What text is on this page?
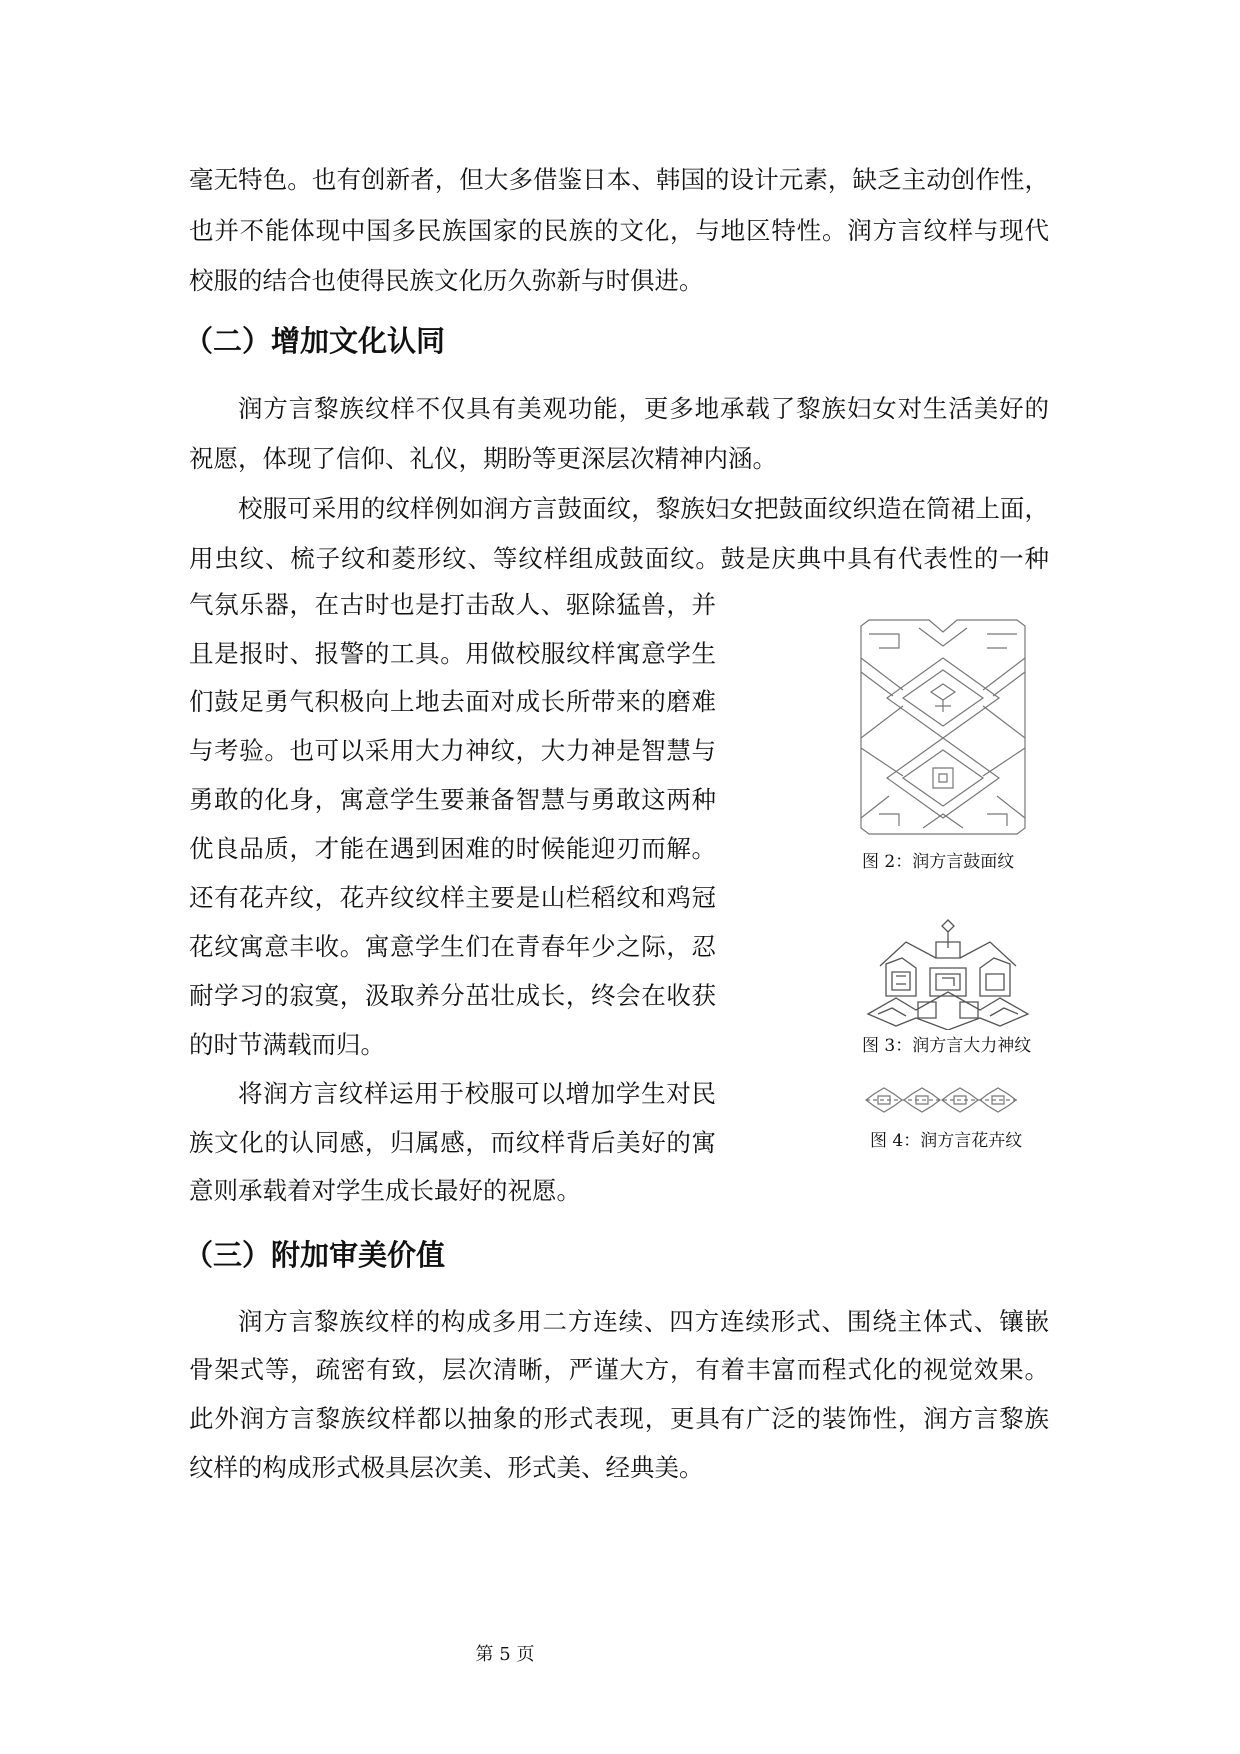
毫无特色。也有创新者，但大多借鉴日本、韩国的设计元素，缺乏主动创作性，
也并不能体现中国多民族国家的民族的文化，与地区特性。润方言纹样与现代
校服的结合也使得民族文化历久弥新与时俱进。
（二）增加文化认同
润方言黎族纹样不仅具有美观功能，更多地承载了黎族妇女对生活美好的
祝愿，体现了信仰、礼仪，期盼等更深层次精神内涵。
校服可采用的纹样例如润方言鼓面纹，黎族妇女把鼓面纹织造在筒裙上面，
用虫纹、梳子纹和菱形纹、等纹样组成鼓面纹。鼓是庆典中具有代表性的一种
气氛乐器，在古时也是打击敌人、驱除猛兽，并
且是报时、报警的工具。用做校服纹样寓意学生
们鼓足勇气积极向上地去面对成长所带来的磨难
与考验。也可以采用大力神纹，大力神是智慧与
勇敢的化身，寓意学生要兼备智慧与勇敢这两种
优良品质，才能在遇到困难的时候能迎刃而解。
还有花卉纹，花卉纹纹样主要是山栏稻纹和鸡冠
花纹寓意丰收。寓意学生们在青春年少之际，忍
耐学习的寂寞，汲取养分茁壮成长，终会在收获
的时节满载而归。
将润方言纹样运用于校服可以增加学生对民
族文化的认同感，归属感，而纹样背后美好的寓
意则承载着对学生成长最好的祝愿。
图 2：润方言鼓面纹
图 3：润方言大力神纹
图 4：润方言花卉纹
（三）附加审美价值
润方言黎族纹样的构成多用二方连续、四方连续形式、围绕主体式、镶嵌
骨架式等，疏密有致，层次清晰，严谨大方，有着丰富而程式化的视觉效果。
此外润方言黎族纹样都以抽象的形式表现，更具有广泛的装饰性，润方言黎族
纹样的构成形式极具层次美、形式美、经典美。
第 5 页
